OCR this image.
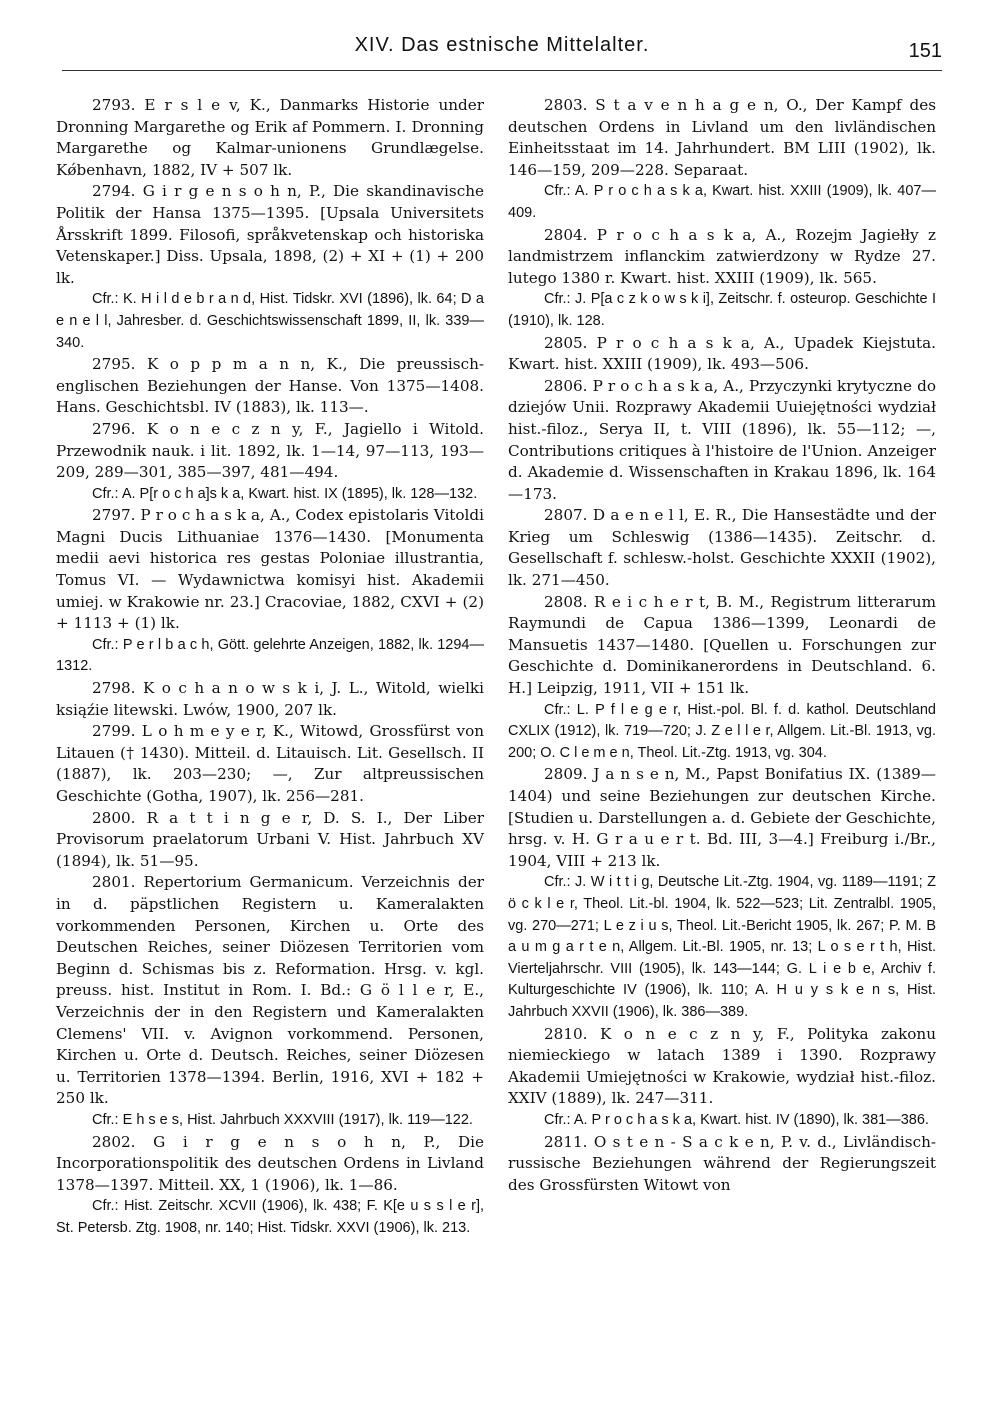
XIV. Das estnische Mittelalter.	151

2793. E r s l e v, K., Danmarks Historie under Dronning Margarethe og Erik af Pommern. I. Dronning Margarethe og Kalmar-unionens Grundlægelse. Kǿbenhavn, 1882, IV + 507 lk.

2794. G i r g e n s o h n, P., Die skandinavische Politik der Hansa 1375—1395. [Upsala Universitets Årsskrift 1899. Filosofi, språkvetenskap och historiska Vetenskaper.] Diss. Upsala, 1898, (2) + XI + (1) + 200 lk.

Cfr.: K. H i l d e b r a n d, Hist. Tidskr. XVI (1896), lk. 64; D a e n e l l, Jahresber. d. Geschichtswissenschaft 1899, II, lk. 339—340.

2795. K o p p m a n n, K., Die preussisch-englischen Beziehungen der Hanse. Von 1375—1408. Hans. Geschichtsbl. IV (1883), lk. 113—.

2796. K o n e c z n y, F., Jagiello i Witold. Przewodnik nauk. i lit. 1892, lk. 1—14, 97—113, 193—209, 289—301, 385—397, 481—494.

Cfr.: A. P[r o c h a]s k a, Kwart. hist. IX (1895), lk. 128—132.

2797. P r o c h a s k a, A., Codex epistolaris Vitoldi Magni Ducis Lithuaniae 1376—1430. [Monumenta medii aevi historica res gestas Poloniae illustrantia, Tomus VI. — Wydawnictwa komisyi hist. Akademii umiej. w Krakowie nr. 23.] Cracoviae, 1882, CXVI + (2) + 1113 + (1) lk.

Cfr.: P e r l b a c h, Gött. gelehrte Anzeigen, 1882, lk. 1294—1312.

2798. K o c h a n o w s k i, J. L., Witold, wielki ksiąźie litewski. Lwów, 1900, 207 lk.

2799. L o h m e y e r, K., Witowd, Grossfürst von Litauen († 1430). Mitteil. d. Litauisch. Lit. Gesellsch. II (1887), lk. 203—230; —, Zur altpreussischen Geschichte (Gotha, 1907), lk. 256—281.

2800. R a t t i n g e r, D. S. I., Der Liber Provisorum praelatorum Urbani V. Hist. Jahrbuch XV (1894), lk. 51—95.

2801. Repertorium Germanicum. Verzeichnis der in d. päpstlichen Registern u. Kameralakten vorkommenden Personen, Kirchen u. Orte des Deutschen Reiches, seiner Diözesen Territorien vom Beginn d. Schismas bis z. Reformation. Hrsg. v. kgl. preuss. hist. Institut in Rom. I. Bd.: G ö l l e r, E., Verzeichnis der in den Registern und Kameralakten Clemens' VII. v. Avignon vorkommend. Personen, Kirchen u. Orte d. Deutsch. Reiches, seiner Diözesen u. Territorien 1378—1394. Berlin, 1916, XVI + 182 + 250 lk.

Cfr.: E h s e s, Hist. Jahrbuch XXXVIII (1917), lk. 119—122.

2802. G i r g e n s o h n, P., Die Incorporationspolitik des deutschen Ordens in Livland 1378—1397. Mitteil. XX, 1 (1906), lk. 1—86.

Cfr.: Hist. Zeitschr. XCVII (1906), lk. 438; F. K[e u s s l e r], St. Petersb. Ztg. 1908, nr. 140; Hist. Tidskr. XXVI (1906), lk. 213.

2803. S t a v e n h a g e n, O., Der Kampf des deutschen Ordens in Livland um den livländischen Einheitsstaat im 14. Jahrhundert. BM LIII (1902), lk. 146—159, 209—228. Separaat.

Cfr.: A. P r o c h a s k a, Kwart. hist. XXIII (1909), lk. 407—409.

2804. P r o c h a s k a, A., Rozejm Jagiełły z landmistrzem inflanckim zatwierdzony w Rydze 27. lutego 1380 r. Kwart. hist. XXIII (1909), lk. 565.

Cfr.: J. P[a c z k o w s k i], Zeitschr. f. osteurop. Geschichte I (1910), lk. 128.

2805. P r o c h a s k a, A., Upadek Kiejstuta. Kwart. hist. XXIII (1909), lk. 493—506.

2806. P r o c h a s k a, A., Przyczynki krytyczne do dziejów Unii. Rozprawy Akademii Uuiejętności wydział hist.-filoz., Serya II, t. VIII (1896), lk. 55—112; —, Contributions critiques à l'histoire de l'Union. Anzeiger d. Akademie d. Wissenschaften in Krakau 1896, lk. 164—173.

2807. D a e n e l l, E. R., Die Hansestädte und der Krieg um Schleswig (1386—1435). Zeitschr. d. Gesellschaft f. schlesw.-holst. Geschichte XXXII (1902), lk. 271—450.

2808. R e i c h e r t, B. M., Registrum litterarum Raymundi de Capua 1386—1399, Leonardi de Mansuetis 1437—1480. [Quellen u. Forschungen zur Geschichte d. Dominikanerordens in Deutschland. 6. H.] Leipzig, 1911, VII + 151 lk.

Cfr.: L. P f l e g e r, Hist.-pol. Bl. f. d. kathol. Deutschland CXLIX (1912), lk. 719—720; J. Z e l l e r, Allgem. Lit.-Bl. 1913, vg. 200; O. C l e m e n, Theol. Lit.-Ztg. 1913, vg. 304.

2809. J a n s e n, M., Papst Bonifatius IX. (1389—1404) und seine Beziehungen zur deutschen Kirche. [Studien u. Darstellungen a. d. Gebiete der Geschichte, hrsg. v. H. G r a u e r t. Bd. III, 3—4.] Freiburg i./Br., 1904, VIII + 213 lk.

Cfr.: J. W i t t i g, Deutsche Lit.-Ztg. 1904, vg. 1189—1191; Z ö c k l e r, Theol. Lit.-bl. 1904, lk. 522—523; Lit. Zentralbl. 1905, vg. 270—271; L e z i u s, Theol. Lit.-Bericht 1905, lk. 267; P. M. B a u m g a r t e n, Allgem. Lit.-Bl. 1905, nr. 13; L o s e r t h, Hist. Vierteljahrschr. VIII (1905), lk. 143—144; G. L i e b e, Archiv f. Kulturgeschichte IV (1906), lk. 110; A. H u y s k e n s, Hist. Jahrbuch XXVII (1906), lk. 386—389.

2810. K o n e c z n y, F., Polityka zakonu niemieckiego w latach 1389 i 1390. Rozprawy Akademii Umiejętności w Krakowie, wydział hist.-filoz. XXIV (1889), lk. 247—311.

Cfr.: A. P r o c h a s k a, Kwart. hist. IV (1890), lk. 381—386.

2811. O s t e n - S a c k e n, P. v. d., Livländisch-russische Beziehungen während der Regierungszeit des Grossfürsten Witowt von
